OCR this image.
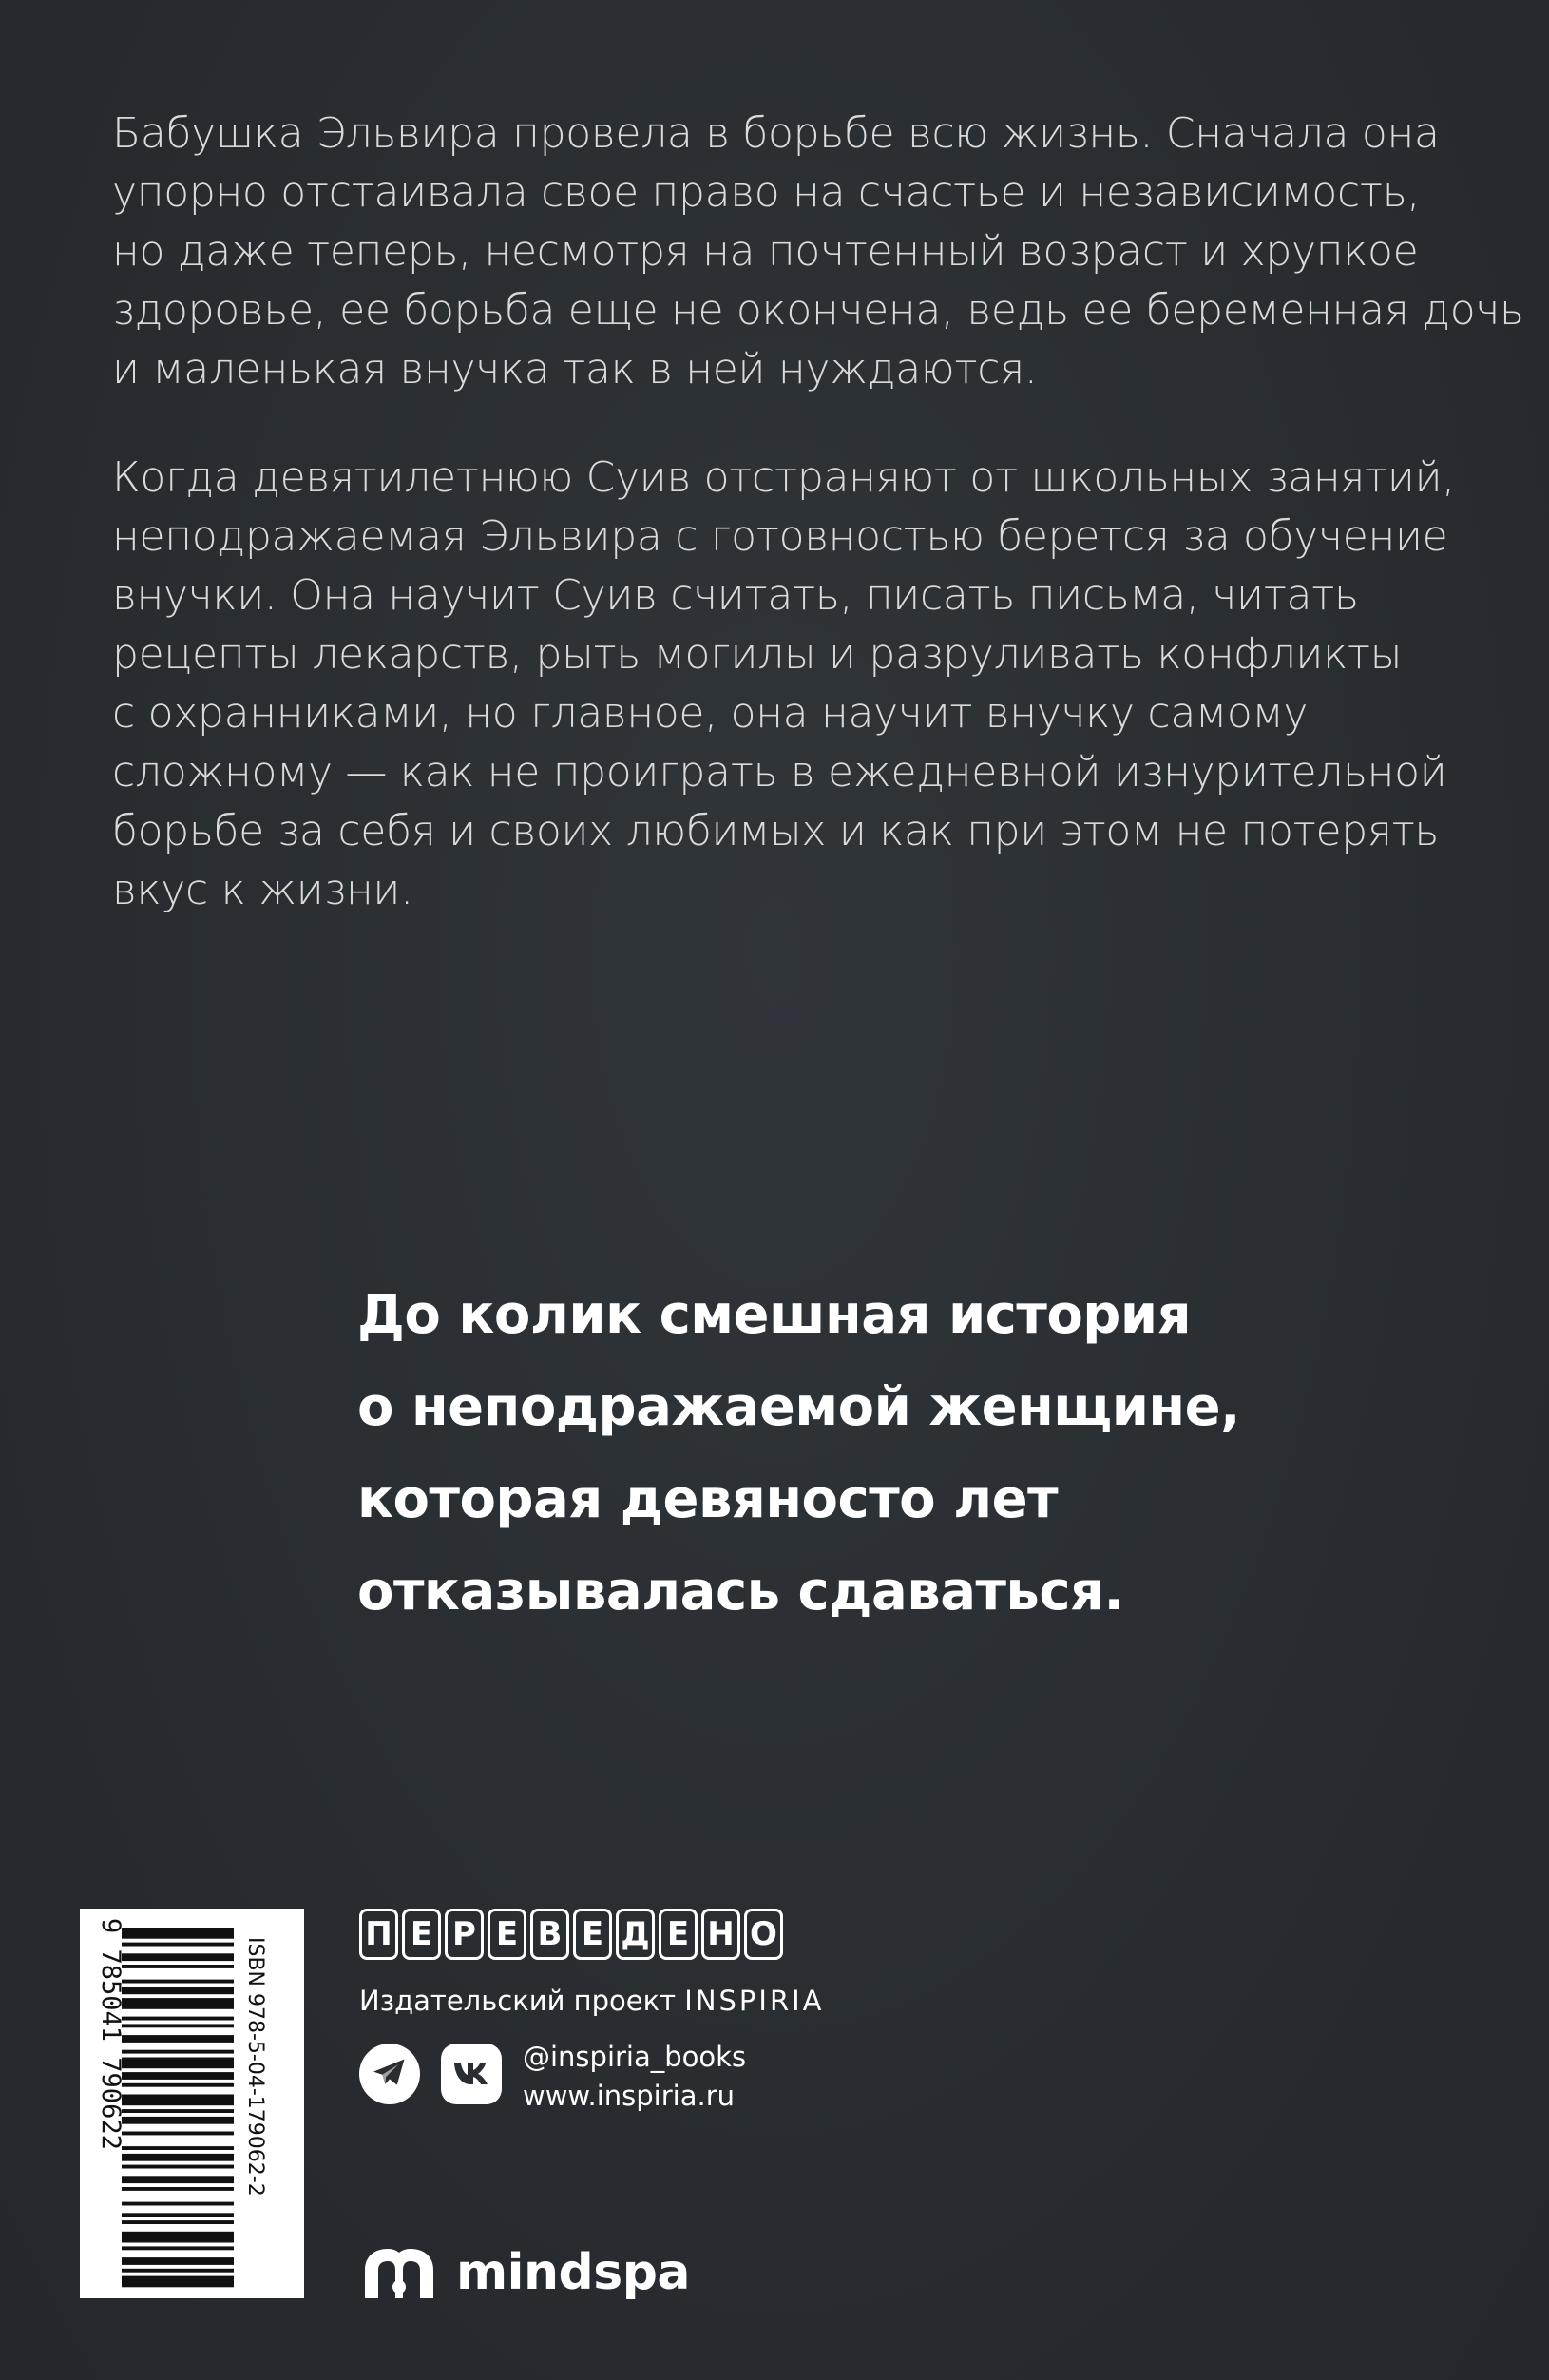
Бабушка Эльвира провела в борьбе всю жизнь. Сначала она
упорно отстаивала свое право на счастье и независимость,
но даже теперь, несмотря на почтенный возраст и хрупкое
здоровье, ее борьба еще не окончена, ведь ее беременная дочь
и маленькая внучка так в ней нуждаются.

Когда девятилетнюю Суив отстраняют от школьных занятий,
неподражаемая Эльвира с готовностью берется за обучение
внучки. Она научит Суив считать, писать письма, читать
рецепты лекарств, рыть могилы и разруливать конфликты
с охранниками, но главное, она научит внучку самому
сложному — как не проиграть в ежедневной изнурительной
борьбе за себя и своих любимых и как при этом не потерять
вкус к жизни.

До колик смешная история
о неподражаемой женщине,
которая девяносто лет
отказывалась сдаваться.
ISBN 978-5-04-179062-2
9 785041 790622	П Е Р Е В Е Д Е Н О
Издательский проект INSPIRIA
@inspiria_books
www.inspiria.ru
mindspa
